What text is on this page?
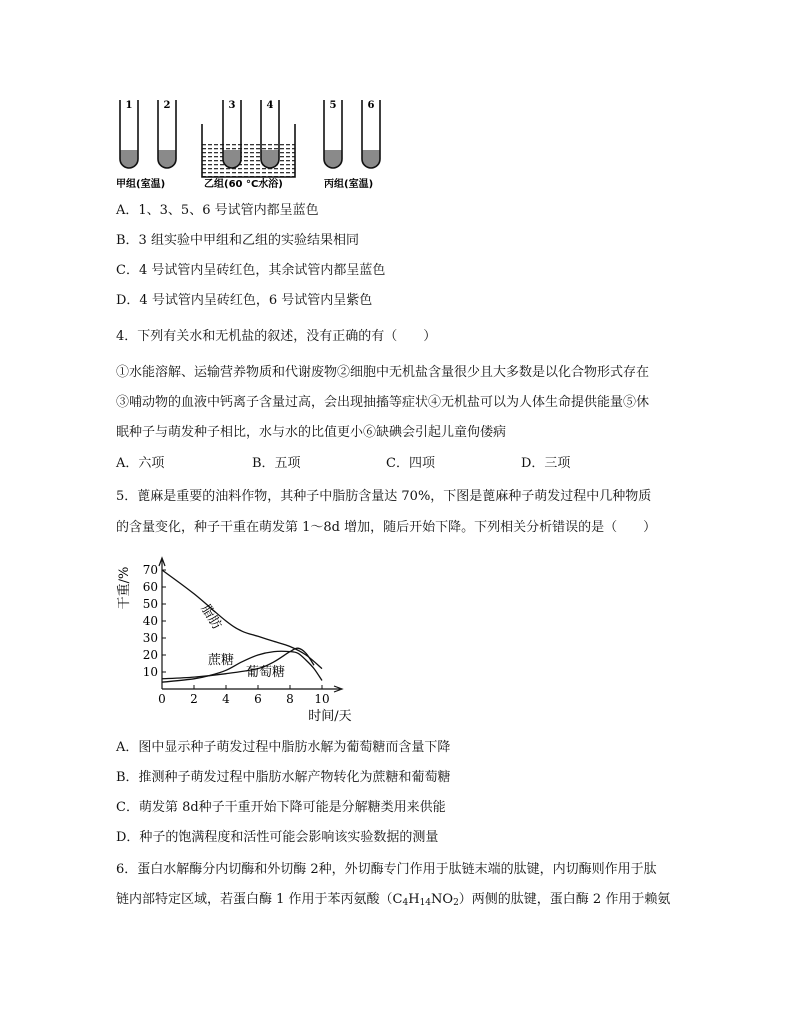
1	2	3	4	5	6
甲组(室温)	乙组(60 °C水浴)	丙组(室温)
A．1、3、5、6 号试管内都呈蓝色
B．3 组实验中甲组和乙组的实验结果相同
C．4 号试管内呈砖红色，其余试管内都呈蓝色
D．4 号试管内呈砖红色，6 号试管内呈紫色
4．下列有关水和无机盐的叙述，没有正确的有（　　）
①水能溶解、运输营养物质和代谢废物②细胞中无机盐含量很少且大多数是以化合物形式存在
③哺动物的血液中钙离子含量过高，会出现抽搐等症状④无机盐可以为人体生命提供能量⑤休
眠种子与萌发种子相比，水与水的比值更小⑥缺碘会引起儿童佝偻病
A．六项	B．五项	C．四项	D．三项
5．蓖麻是重要的油料作物，其种子中脂肪含量达 70%，下图是蓖麻种子萌发过程中几种物质
的含量变化，种子干重在萌发第 1～8d 增加，随后开始下降。下列相关分析错误的是（　　）
10
20
30
40
50
60
70
0 2 4 6 8 10
脂肪
蔗糖
葡萄糖
干重/%
时间/天
A．图中显示种子萌发过程中脂肪水解为葡萄糖而含量下降
B．推测种子萌发过程中脂肪水解产物转化为蔗糖和葡萄糖
C．萌发第 8d种子干重开始下降可能是分解糖类用来供能
D．种子的饱满程度和活性可能会影响该实验数据的测量
6．蛋白水解酶分内切酶和外切酶 2种，外切酶专门作用于肽链末端的肽键，内切酶则作用于肽
链内部特定区域，若蛋白酶 1 作用于苯丙氨酸$(C_4H_{14}NO_2)$两侧的肽键，蛋白酶 2 作用于赖氨
